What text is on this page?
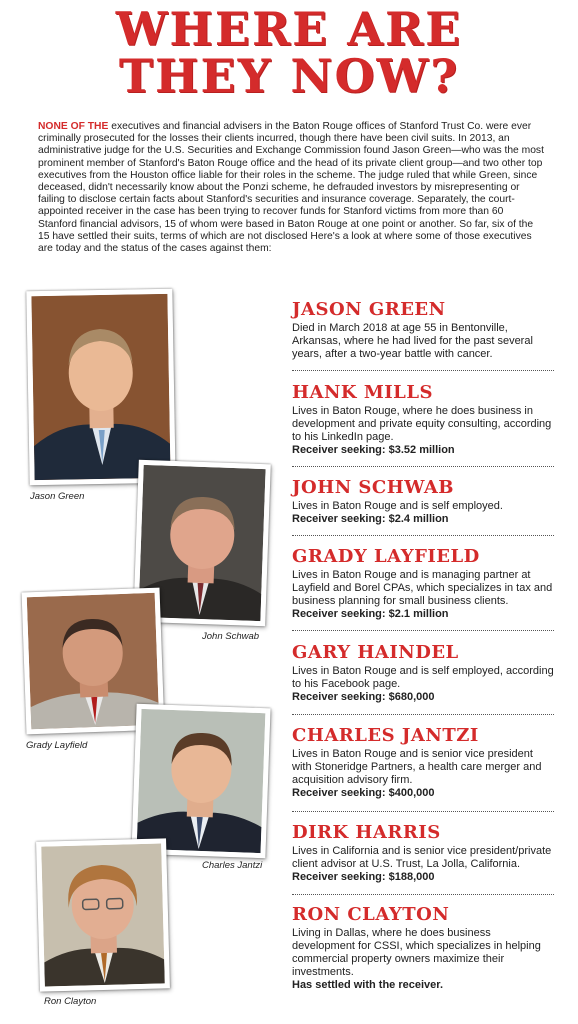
WHERE ARE
THEY NOW?
NONE OF THE executives and financial advisers in the Baton Rouge offices of Stanford Trust Co. were ever criminally prosecuted for the losses their clients incurred, though there have been civil suits. In 2013, an administrative judge for the U.S. Securities and Exchange Commission found Jason Green—who was the most prominent member of Stanford's Baton Rouge office and the head of its private client group—and two other top executives from the Houston office liable for their roles in the scheme. The judge ruled that while Green, since deceased, didn't necessarily know about the Ponzi scheme, he defrauded investors by misrepresenting or failing to disclose certain facts about Stanford's securities and insurance coverage. Separately, the court-appointed receiver in the case has been trying to recover funds for Stanford victims from more than 60 Stanford financial advisors, 15 of whom were based in Baton Rouge at one point or another. So far, six of the 15 have settled their suits, terms of which are not disclosed Here's a look at where some of those executives are today and the status of the cases against them:
Jason Green
John Schwab
Grady Layfield
Charles Jantzi
Ron Clayton
JASON GREEN

Died in March 2018 at age 55 in Bentonville, Arkansas, where he had lived for the past several years, after a two-year battle with cancer.

HANK MILLS

Lives in Baton Rouge, where he does business in development and private equity consulting, according to his LinkedIn page.

Receiver seeking: $3.52 million

JOHN SCHWAB

Lives in Baton Rouge and is self employed.

Receiver seeking: $2.4 million

GRADY LAYFIELD

Lives in Baton Rouge and is managing partner at Layfield and Borel CPAs, which specializes in tax and business planning for small business clients.

Receiver seeking: $2.1 million

GARY HAINDEL

Lives in Baton Rouge and is self employed, according to his Facebook page.

Receiver seeking: $680,000

CHARLES JANTZI

Lives in Baton Rouge and is senior vice president with Stoneridge Partners, a health care merger and acquisition advisory firm.

Receiver seeking: $400,000

DIRK HARRIS

Lives in California and is senior vice president/private client advisor at U.S. Trust, La Jolla, California.

Receiver seeking: $188,000

RON CLAYTON

Living in Dallas, where he does business development for CSSI, which specializes in helping commercial property owners maximize their investments.

Has settled with the receiver.
